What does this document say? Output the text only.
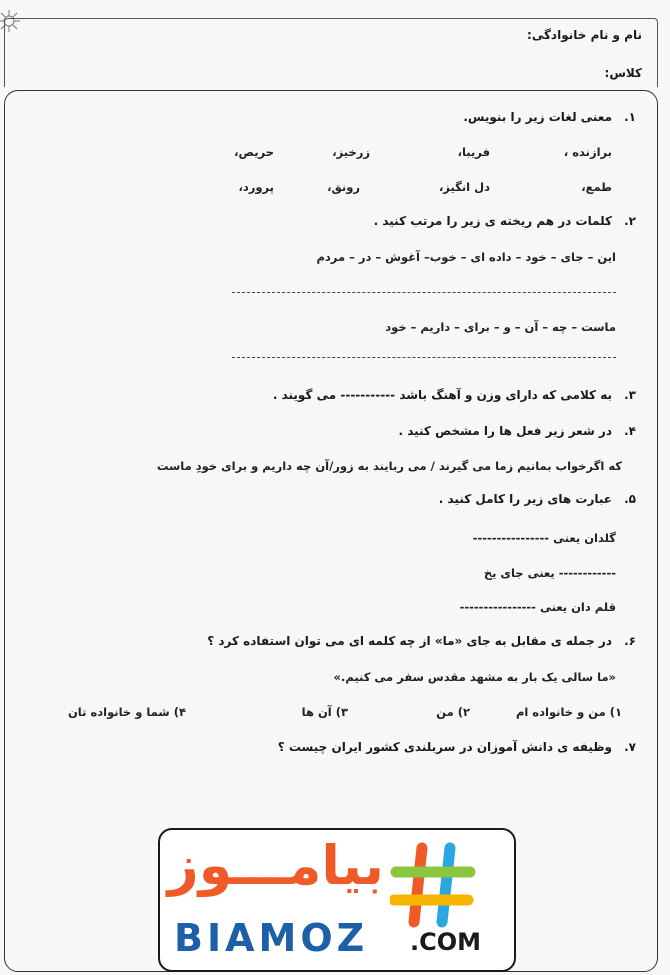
نام و نام خانوادگی:
کلاس:
۱.
معنی لغات زیر را بنویس.
برازنده ،
فریبا،
زرخیز،
حریص،
طمع،
دل انگیز،
رونق،
پرورد،
۲.
کلمات در هم ریخته ی زیر را مرتب کنید .
این – جای – خود – داده ای – خوب– آغوش – در – مردم
ماست – چه – آن – و – برای – داریم – خود
۳.
به کلامی که دارای وزن و آهنگ باشد ----------- می گویند .
۴.
در شعر زیر فعل ها را مشخص کنید .
که اگرخواب بمانیم زما می گیرند / می ربایند به زور/آن چه داریم و برای خودِ ماست
۵.
عبارت های زیر را کامل کنید .
گلدان یعنی ----------------
------------ یعنی جای یخ
قلم دان یعنی ----------------
۶.
در جمله ی مقابل به جای «ما» از چه کلمه ای می توان استفاده کرد ؟
«ما سالی یک بار به مشهد مقدس سفر می کنیم.»
۱) من و خانواده ام
۲) من
۳) آن ها
۴) شما و خانواده تان
۷.
وظیفه ی دانش آموزان در سربلندی کشور ایران چیست ؟
بیامـــوز
BIAMOZ .COM
